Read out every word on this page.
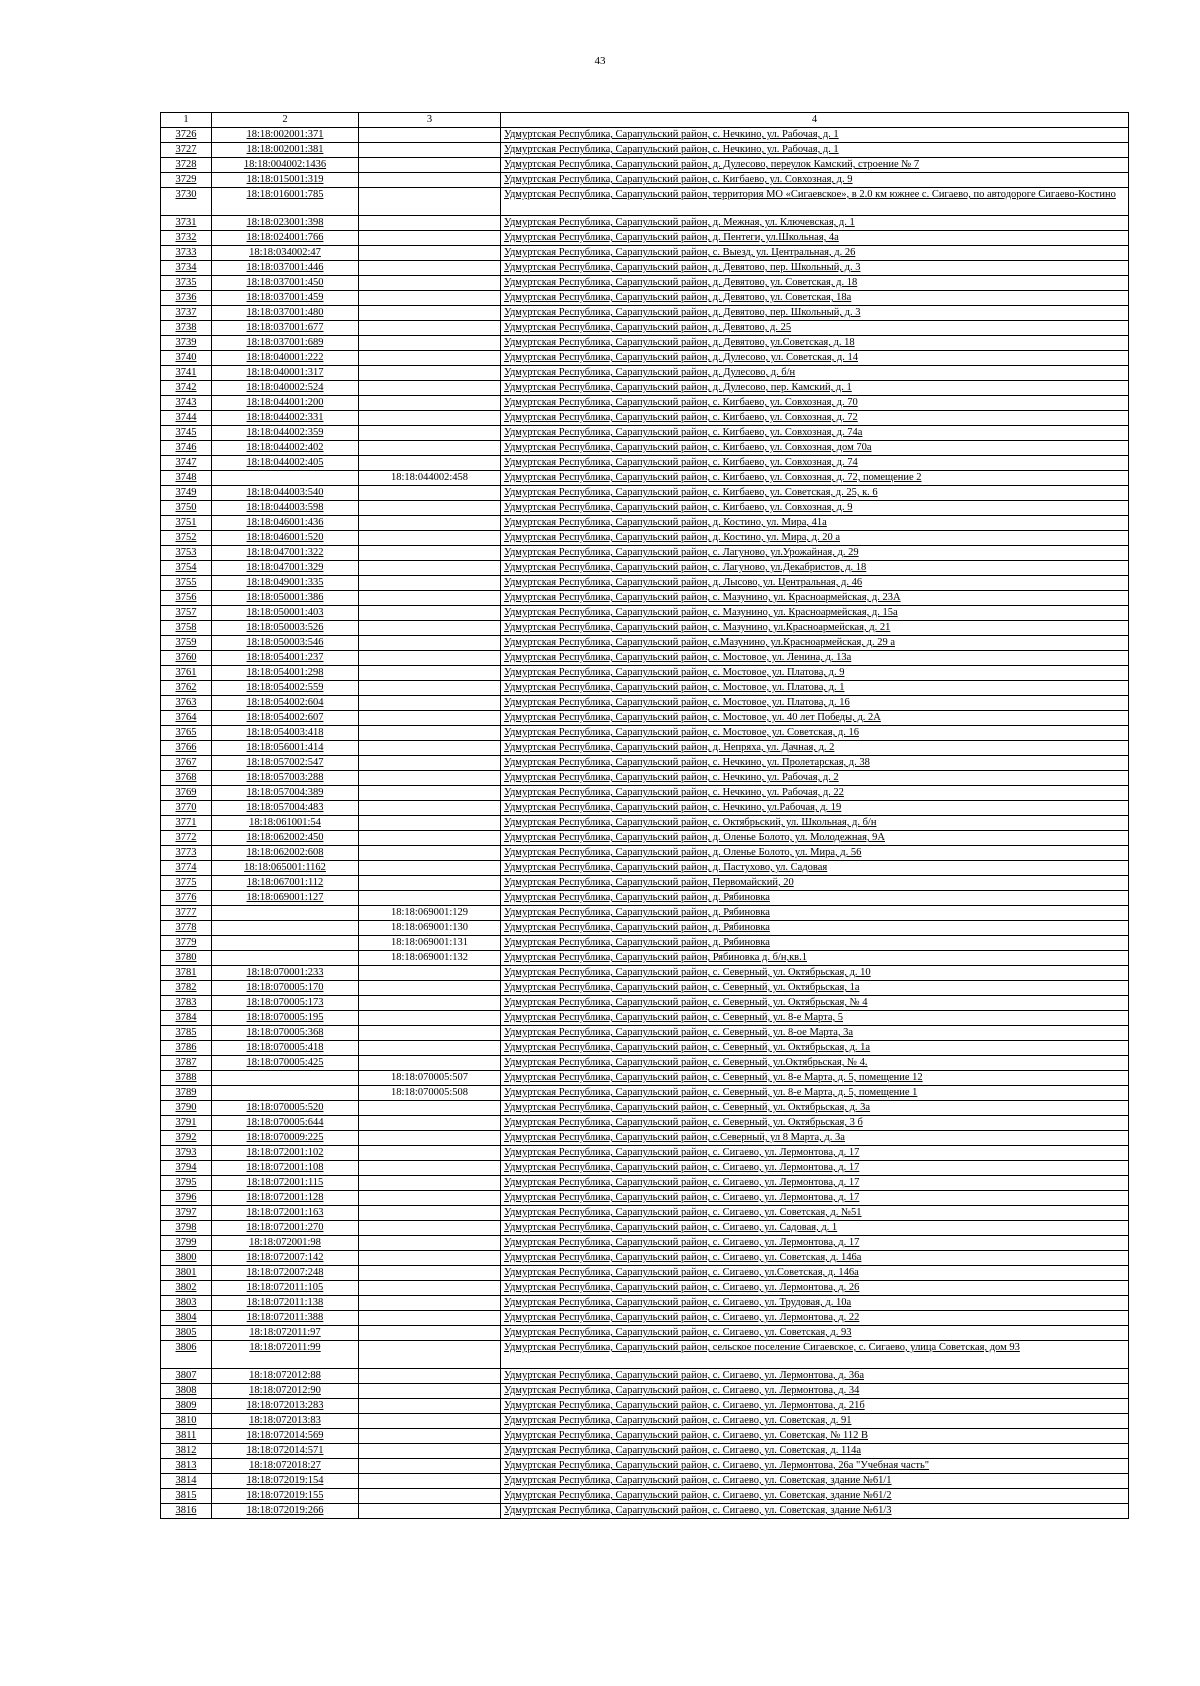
43
1	2	3	4
3726	18:18:002001:371		Удмуртская Республика, Сарапульский район, с. Нечкино, ул. Рабочая, д. 1
3727	18:18:002001:381		Удмуртская Республика, Сарапульский район, с. Нечкино, ул. Рабочая, д. 1
3728	18:18:004002:1436		Удмуртская Республика, Сарапульский район, д. Дулесово, переулок Камский, строение № 7
3729	18:18:015001:319		Удмуртская Республика, Сарапульский район, с. Кигбаево, ул. Совхозная, д. 9
3730	18:18:016001:785		Удмуртская Республика, Сарапульский район, территория МО «Сигаевское», в 2.0 км южнее с. Сигаево, по автодороге Сигаево-Костино
3731	18:18:023001:398		Удмуртская Республика, Сарапульский район, д. Межная, ул. Ключевская, д. 1
3732	18:18:024001:766		Удмуртская Республика, Сарапульский район, д. Пентеги, ул.Школьная, 4а
3733	18:18:034002:47		Удмуртская Республика, Сарапульский район, с. Выезд, ул. Центральная, д. 26
3734	18:18:037001:446		Удмуртская Республика, Сарапульский район, д. Девятово, пер. Школьный, д. 3
3735	18:18:037001:450		Удмуртская Республика, Сарапульский район, д. Девятово, ул. Советская, д. 18
3736	18:18:037001:459		Удмуртская Республика, Сарапульский район, д. Девятово, ул. Советская, 18а
3737	18:18:037001:480		Удмуртская Республика, Сарапульский район, д. Девятово, пер. Школьный, д. 3
3738	18:18:037001:677		Удмуртская Республика, Сарапульский район, д. Девятово, д. 25
3739	18:18:037001:689		Удмуртская Республика, Сарапульский район, д. Девятово, ул.Советская, д. 18
3740	18:18:040001:222		Удмуртская Республика, Сарапульский район, д. Дулесово, ул. Советская, д. 14
3741	18:18:040001:317		Удмуртская Республика, Сарапульский район, д. Дулесово, д. б/н
3742	18:18:040002:524		Удмуртская Республика, Сарапульский район, д. Дулесово, пер. Камский, д. 1
3743	18:18:044001:200		Удмуртская Республика, Сарапульский район, с. Кигбаево, ул. Совхозная, д. 70
3744	18:18:044002:331		Удмуртская Республика, Сарапульский район, с. Кигбаево, ул. Совхозная, д. 72
3745	18:18:044002:359		Удмуртская Республика, Сарапульский район, с. Кигбаево, ул. Совхозная, д. 74а
3746	18:18:044002:402		Удмуртская Республика, Сарапульский район, с. Кигбаево, ул. Совхозная, дом 70а
3747	18:18:044002:405		Удмуртская Республика, Сарапульский район, с. Кигбаево, ул. Совхозная, д. 74
3748		18:18:044002:458	Удмуртская Республика, Сарапульский район, с. Кигбаево, ул. Совхозная, д. 72, помещение 2
3749	18:18:044003:540		Удмуртская Республика, Сарапульский район, с. Кигбаево, ул. Советская, д. 25, к. 6
3750	18:18:044003:598		Удмуртская Республика, Сарапульский район, с. Кигбаево, ул. Совхозная, д. 9
3751	18:18:046001:436		Удмуртская Республика, Сарапульский район, д. Костино, ул. Мира, 41а
3752	18:18:046001:520		Удмуртская Республика, Сарапульский район, д. Костино, ул. Мира, д. 20 а
3753	18:18:047001:322		Удмуртская Республика, Сарапульский район, с. Лагуново, ул.Урожайная, д. 29
3754	18:18:047001:329		Удмуртская Республика, Сарапульский район, с. Лагуново, ул.Декабристов, д. 18
3755	18:18:049001:335		Удмуртская Республика, Сарапульский район, д. Лысово, ул. Центральная, д. 46
3756	18:18:050001:386		Удмуртская Республика, Сарапульский район, с. Мазунино, ул. Красноармейская, д. 23А
3757	18:18:050001:403		Удмуртская Республика, Сарапульский район, с. Мазунино, ул. Красноармейская, д. 15а
3758	18:18:050003:526		Удмуртская Республика, Сарапульский район, с. Мазунино, ул.Красноармейская, д. 21
3759	18:18:050003:546		Удмуртская Республика, Сарапульский район, с.Мазунино, ул.Красноармейская, д. 29 а
3760	18:18:054001:237		Удмуртская Республика, Сарапульский район, с. Мостовое, ул. Ленина, д. 13а
3761	18:18:054001:298		Удмуртская Республика, Сарапульский район, с. Мостовое, ул. Платова, д. 9
3762	18:18:054002:559		Удмуртская Республика, Сарапульский район, с. Мостовое, ул. Платова, д. 1
3763	18:18:054002:604		Удмуртская Республика, Сарапульский район, с. Мостовое, ул. Платова, д. 16
3764	18:18:054002:607		Удмуртская Республика, Сарапульский район, с. Мостовое, ул. 40 лет Победы, д. 2А
3765	18:18:054003:418		Удмуртская Республика, Сарапульский район, с. Мостовое, ул. Советская, д. 16
3766	18:18:056001:414		Удмуртская Республика, Сарапульский район, д. Непряха, ул. Дачная, д. 2
3767	18:18:057002:547		Удмуртская Республика, Сарапульский район, с. Нечкино, ул. Пролетарская, д. 38
3768	18:18:057003:288		Удмуртская Республика, Сарапульский район, с. Нечкино, ул. Рабочая, д. 2
3769	18:18:057004:389		Удмуртская Республика, Сарапульский район, с. Нечкино, ул. Рабочая, д. 22
3770	18:18:057004:483		Удмуртская Республика, Сарапульский район, с. Нечкино, ул.Рабочая, д. 19
3771	18:18:061001:54		Удмуртская Республика, Сарапульский район, с. Октябрьский, ул. Школьная, д. б/н
3772	18:18:062002:450		Удмуртская Республика, Сарапульский район, д. Оленье Болото, ул. Молодежная, 9А
3773	18:18:062002:608		Удмуртская Республика, Сарапульский район, д. Оленье Болото, ул. Мира, д. 56
3774	18:18:065001:1162		Удмуртская Республика, Сарапульский район, д. Пастухово, ул. Садовая
3775	18:18:067001:112		Удмуртская Республика, Сарапульский район, Первомайский, 20
3776	18:18:069001:127		Удмуртская Республика, Сарапульский район, д. Рябиновка
3777		18:18:069001:129	Удмуртская Республика, Сарапульский район, д. Рябиновка
3778		18:18:069001:130	Удмуртская Республика, Сарапульский район, д. Рябиновка
3779		18:18:069001:131	Удмуртская Республика, Сарапульский район, д. Рябиновка
3780		18:18:069001:132	Удмуртская Республика, Сарапульский район, Рябиновка д. б/н,кв.1
3781	18:18:070001:233		Удмуртская Республика, Сарапульский район, с. Северный, ул. Октябрьская, д. 10
3782	18:18:070005:170		Удмуртская Республика, Сарапульский район, с. Северный, ул. Октябрьская, 1а
3783	18:18:070005:173		Удмуртская Республика, Сарапульский район, с. Северный, ул. Октябрьская, № 4
3784	18:18:070005:195		Удмуртская Республика, Сарапульский район, с. Северный, ул. 8-е Марта, 5
3785	18:18:070005:368		Удмуртская Республика, Сарапульский район, с. Северный, ул. 8-ое Марта, 3а
3786	18:18:070005:418		Удмуртская Республика, Сарапульский район, с. Северный, ул. Октябрьская, д. 1а
3787	18:18:070005:425		Удмуртская Республика, Сарапульский район, с. Северный, ул.Октябрьская, № 4.
3788		18:18:070005:507	Удмуртская Республика, Сарапульский район, с. Северный, ул. 8-е Марта, д. 5, помещение 12
3789		18:18:070005:508	Удмуртская Республика, Сарапульский район, с. Северный, ул. 8-е Марта, д. 5, помещение 1
3790	18:18:070005:520		Удмуртская Республика, Сарапульский район, с. Северный, ул. Октябрьская, д. 3а
3791	18:18:070005:644		Удмуртская Республика, Сарапульский район, с. Северный, ул. Октябрьская, 3 б
3792	18:18:070009:225		Удмуртская Республика, Сарапульский район, с.Северный, ул 8 Марта, д. 3а
3793	18:18:072001:102		Удмуртская Республика, Сарапульский район, с. Сигаево, ул. Лермонтова, д. 17
3794	18:18:072001:108		Удмуртская Республика, Сарапульский район, с. Сигаево, ул. Лермонтова, д. 17
3795	18:18:072001:115		Удмуртская Республика, Сарапульский район, с. Сигаево, ул. Лермонтова, д. 17
3796	18:18:072001:128		Удмуртская Республика, Сарапульский район, с. Сигаево, ул. Лермонтова, д. 17
3797	18:18:072001:163		Удмуртская Республика, Сарапульский район, с. Сигаево, ул. Советская, д. №51
3798	18:18:072001:270		Удмуртская Республика, Сарапульский район, с. Сигаево, ул. Садовая, д. 1
3799	18:18:072001:98		Удмуртская Республика, Сарапульский район, с. Сигаево, ул. Лермонтова, д. 17
3800	18:18:072007:142		Удмуртская Республика, Сарапульский район, с. Сигаево, ул. Советская, д. 146а
3801	18:18:072007:248		Удмуртская Республика, Сарапульский район, с. Сигаево, ул.Советская, д. 146а
3802	18:18:072011:105		Удмуртская Республика, Сарапульский район, с. Сигаево, ул. Лермонтова, д. 26
3803	18:18:072011:138		Удмуртская Республика, Сарапульский район, с. Сигаево, ул. Трудовая, д. 10а
3804	18:18:072011:388		Удмуртская Республика, Сарапульский район, с. Сигаево, ул. Лермонтова, д. 22
3805	18:18:072011:97		Удмуртская Республика, Сарапульский район, с. Сигаево, ул. Советская, д. 93
3806	18:18:072011:99		Удмуртская Республика, Сарапульский район, сельское поселение Сигаевское, с. Сигаево, улица Советская, дом 93
3807	18:18:072012:88		Удмуртская Республика, Сарапульский район, с. Сигаево, ул. Лермонтова, д. 36а
3808	18:18:072012:90		Удмуртская Республика, Сарапульский район, с. Сигаево, ул. Лермонтова, д. 34
3809	18:18:072013:283		Удмуртская Республика, Сарапульский район, с. Сигаево, ул. Лермонтова, д. 21б
3810	18:18:072013:83		Удмуртская Республика, Сарапульский район, с. Сигаево, ул. Советская, д. 91
3811	18:18:072014:569		Удмуртская Республика, Сарапульский район, с. Сигаево, ул. Советская, № 112 В
3812	18:18:072014:571		Удмуртская Республика, Сарапульский район, с. Сигаево, ул. Советская, д. 114а
3813	18:18:072018:27		Удмуртская Республика, Сарапульский район, с. Сигаево, ул. Лермонтова, 26а "Учебная часть"
3814	18:18:072019:154		Удмуртская Республика, Сарапульский район, с. Сигаево, ул. Советская, здание №61/1
3815	18:18:072019:155		Удмуртская Республика, Сарапульский район, с. Сигаево, ул. Советская, здание №61/2
3816	18:18:072019:266		Удмуртская Республика, Сарапульский район, с. Сигаево, ул. Советская, здание №61/3
